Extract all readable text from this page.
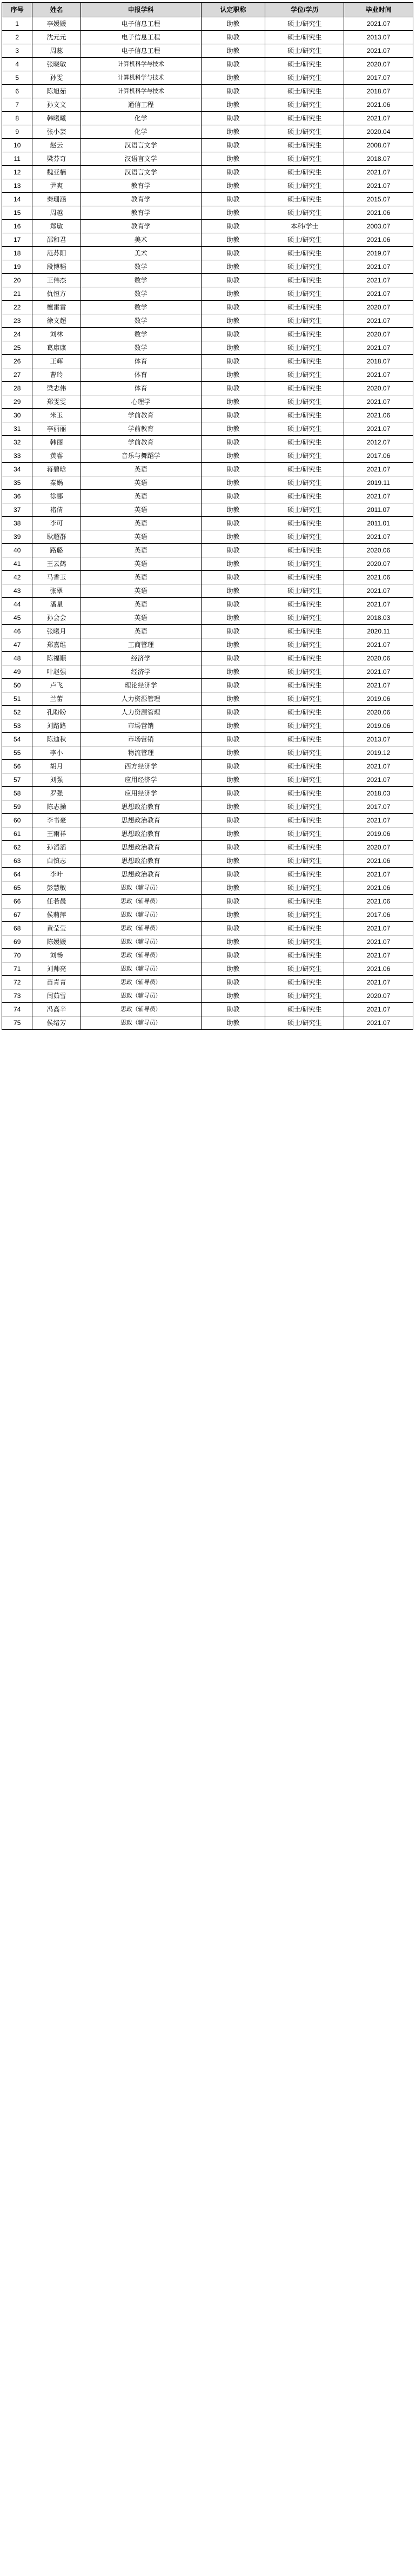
序号	姓名	申报学科	认定职称	学位/学历	毕业时间
1	李媛媛	电子信息工程	助教	硕士/研究生	2021.07
2	沈元元	电子信息工程	助教	硕士/研究生	2013.07
3	周蕊	电子信息工程	助教	硕士/研究生	2021.07
4	张晓敏	计算机科学与技术	助教	硕士/研究生	2020.07
5	孙雯	计算机科学与技术	助教	硕士/研究生	2017.07
6	陈旭茹	计算机科学与技术	助教	硕士/研究生	2018.07
7	孙文文	通信工程	助教	硕士/研究生	2021.06
8	韩曦曦	化学	助教	硕士/研究生	2021.07
9	张小芸	化学	助教	硕士/研究生	2020.04
10	赵云	汉语言文学	助教	硕士/研究生	2008.07
11	梁芬奇	汉语言文学	助教	硕士/研究生	2018.07
12	魏亚楠	汉语言文学	助教	硕士/研究生	2021.07
13	尹爽	教育学	助教	硕士/研究生	2021.07
14	秦珊涵	教育学	助教	硕士/研究生	2015.07
15	周越	教育学	助教	硕士/研究生	2021.06
16	郑敏	教育学	助教	本科/学士	2003.07
17	邵和君	美术	助教	硕士/研究生	2021.06
18	范苏阳	美术	助教	硕士/研究生	2019.07
19	段博韬	数学	助教	硕士/研究生	2021.07
20	王伟杰	数学	助教	硕士/研究生	2021.07
21	仇恒方	数学	助教	硕士/研究生	2021.07
22	檀雷雷	数学	助教	硕士/研究生	2020.07
23	徐文超	数学	助教	硕士/研究生	2021.07
24	刘林	数学	助教	硕士/研究生	2020.07
25	葛康康	数学	助教	硕士/研究生	2021.07
26	王辉	体育	助教	硕士/研究生	2018.07
27	曹玲	体育	助教	硕士/研究生	2021.07
28	梁志伟	体育	助教	硕士/研究生	2020.07
29	郑雯雯	心理学	助教	硕士/研究生	2021.07
30	米玉	学前教育	助教	硕士/研究生	2021.06
31	李丽丽	学前教育	助教	硕士/研究生	2021.07
32	韩丽	学前教育	助教	硕士/研究生	2012.07
33	黄睿	音乐与舞蹈学	助教	硕士/研究生	2017.06
34	蒋碧晗	英语	助教	硕士/研究生	2021.07
35	秦娲	英语	助教	硕士/研究生	2019.11
36	徐郦	英语	助教	硕士/研究生	2021.07
37	褚倩	英语	助教	硕士/研究生	2011.07
38	李可	英语	助教	硕士/研究生	2011.01
39	耿超群	英语	助教	硕士/研究生	2021.07
40	路璐	英语	助教	硕士/研究生	2020.06
41	王云鹤	英语	助教	硕士/研究生	2020.07
42	马香玉	英语	助教	硕士/研究生	2021.06
43	张翠	英语	助教	硕士/研究生	2021.07
44	潘星	英语	助教	硕士/研究生	2021.07
45	孙会会	英语	助教	硕士/研究生	2018.03
46	张曦月	英语	助教	硕士/研究生	2020.11
47	郑嘉维	工商管理	助教	硕士/研究生	2021.07
48	陈福顺	经济学	助教	硕士/研究生	2020.06
49	叶赵强	经济学	助教	硕士/研究生	2021.07
50	卢飞	理论经济学	助教	硕士/研究生	2021.07
51	兰蕾	人力资源管理	助教	硕士/研究生	2019.06
52	孔盼盼	人力资源管理	助教	硕士/研究生	2020.06
53	刘路路	市场营销	助教	硕士/研究生	2019.06
54	陈迪秋	市场营销	助教	硕士/研究生	2013.07
55	李小	物流管理	助教	硕士/研究生	2019.12
56	胡月	西方经济学	助教	硕士/研究生	2021.07
57	刘强	应用经济学	助教	硕士/研究生	2021.07
58	罗强	应用经济学	助教	硕士/研究生	2018.03
59	陈志操	思想政治教育	助教	硕士/研究生	2017.07
60	李书豪	思想政治教育	助教	硕士/研究生	2021.07
61	王雨祥	思想政治教育	助教	硕士/研究生	2019.06
62	孙滔滔	思想政治教育	助教	硕士/研究生	2020.07
63	白慎志	思想政治教育	助教	硕士/研究生	2021.06
64	李叶	思想政治教育	助教	硕士/研究生	2021.07
65	彭慧敏	思政（辅导员）	助教	硕士/研究生	2021.06
66	任若晨	思政（辅导员）	助教	硕士/研究生	2021.06
67	侯莉萍	思政（辅导员）	助教	硕士/研究生	2017.06
68	黄莹莹	思政（辅导员）	助教	硕士/研究生	2021.07
69	陈媛媛	思政（辅导员）	助教	硕士/研究生	2021.07
70	刘畅	思政（辅导员）	助教	硕士/研究生	2021.07
71	刘帅亮	思政（辅导员）	助教	硕士/研究生	2021.06
72	苗青青	思政（辅导员）	助教	硕士/研究生	2021.07
73	闫茹雪	思政（辅导员）	助教	硕士/研究生	2020.07
74	冯高辛	思政（辅导员）	助教	硕士/研究生	2021.07
75	侯绪芳	思政（辅导员）	助教	硕士/研究生	2021.07
